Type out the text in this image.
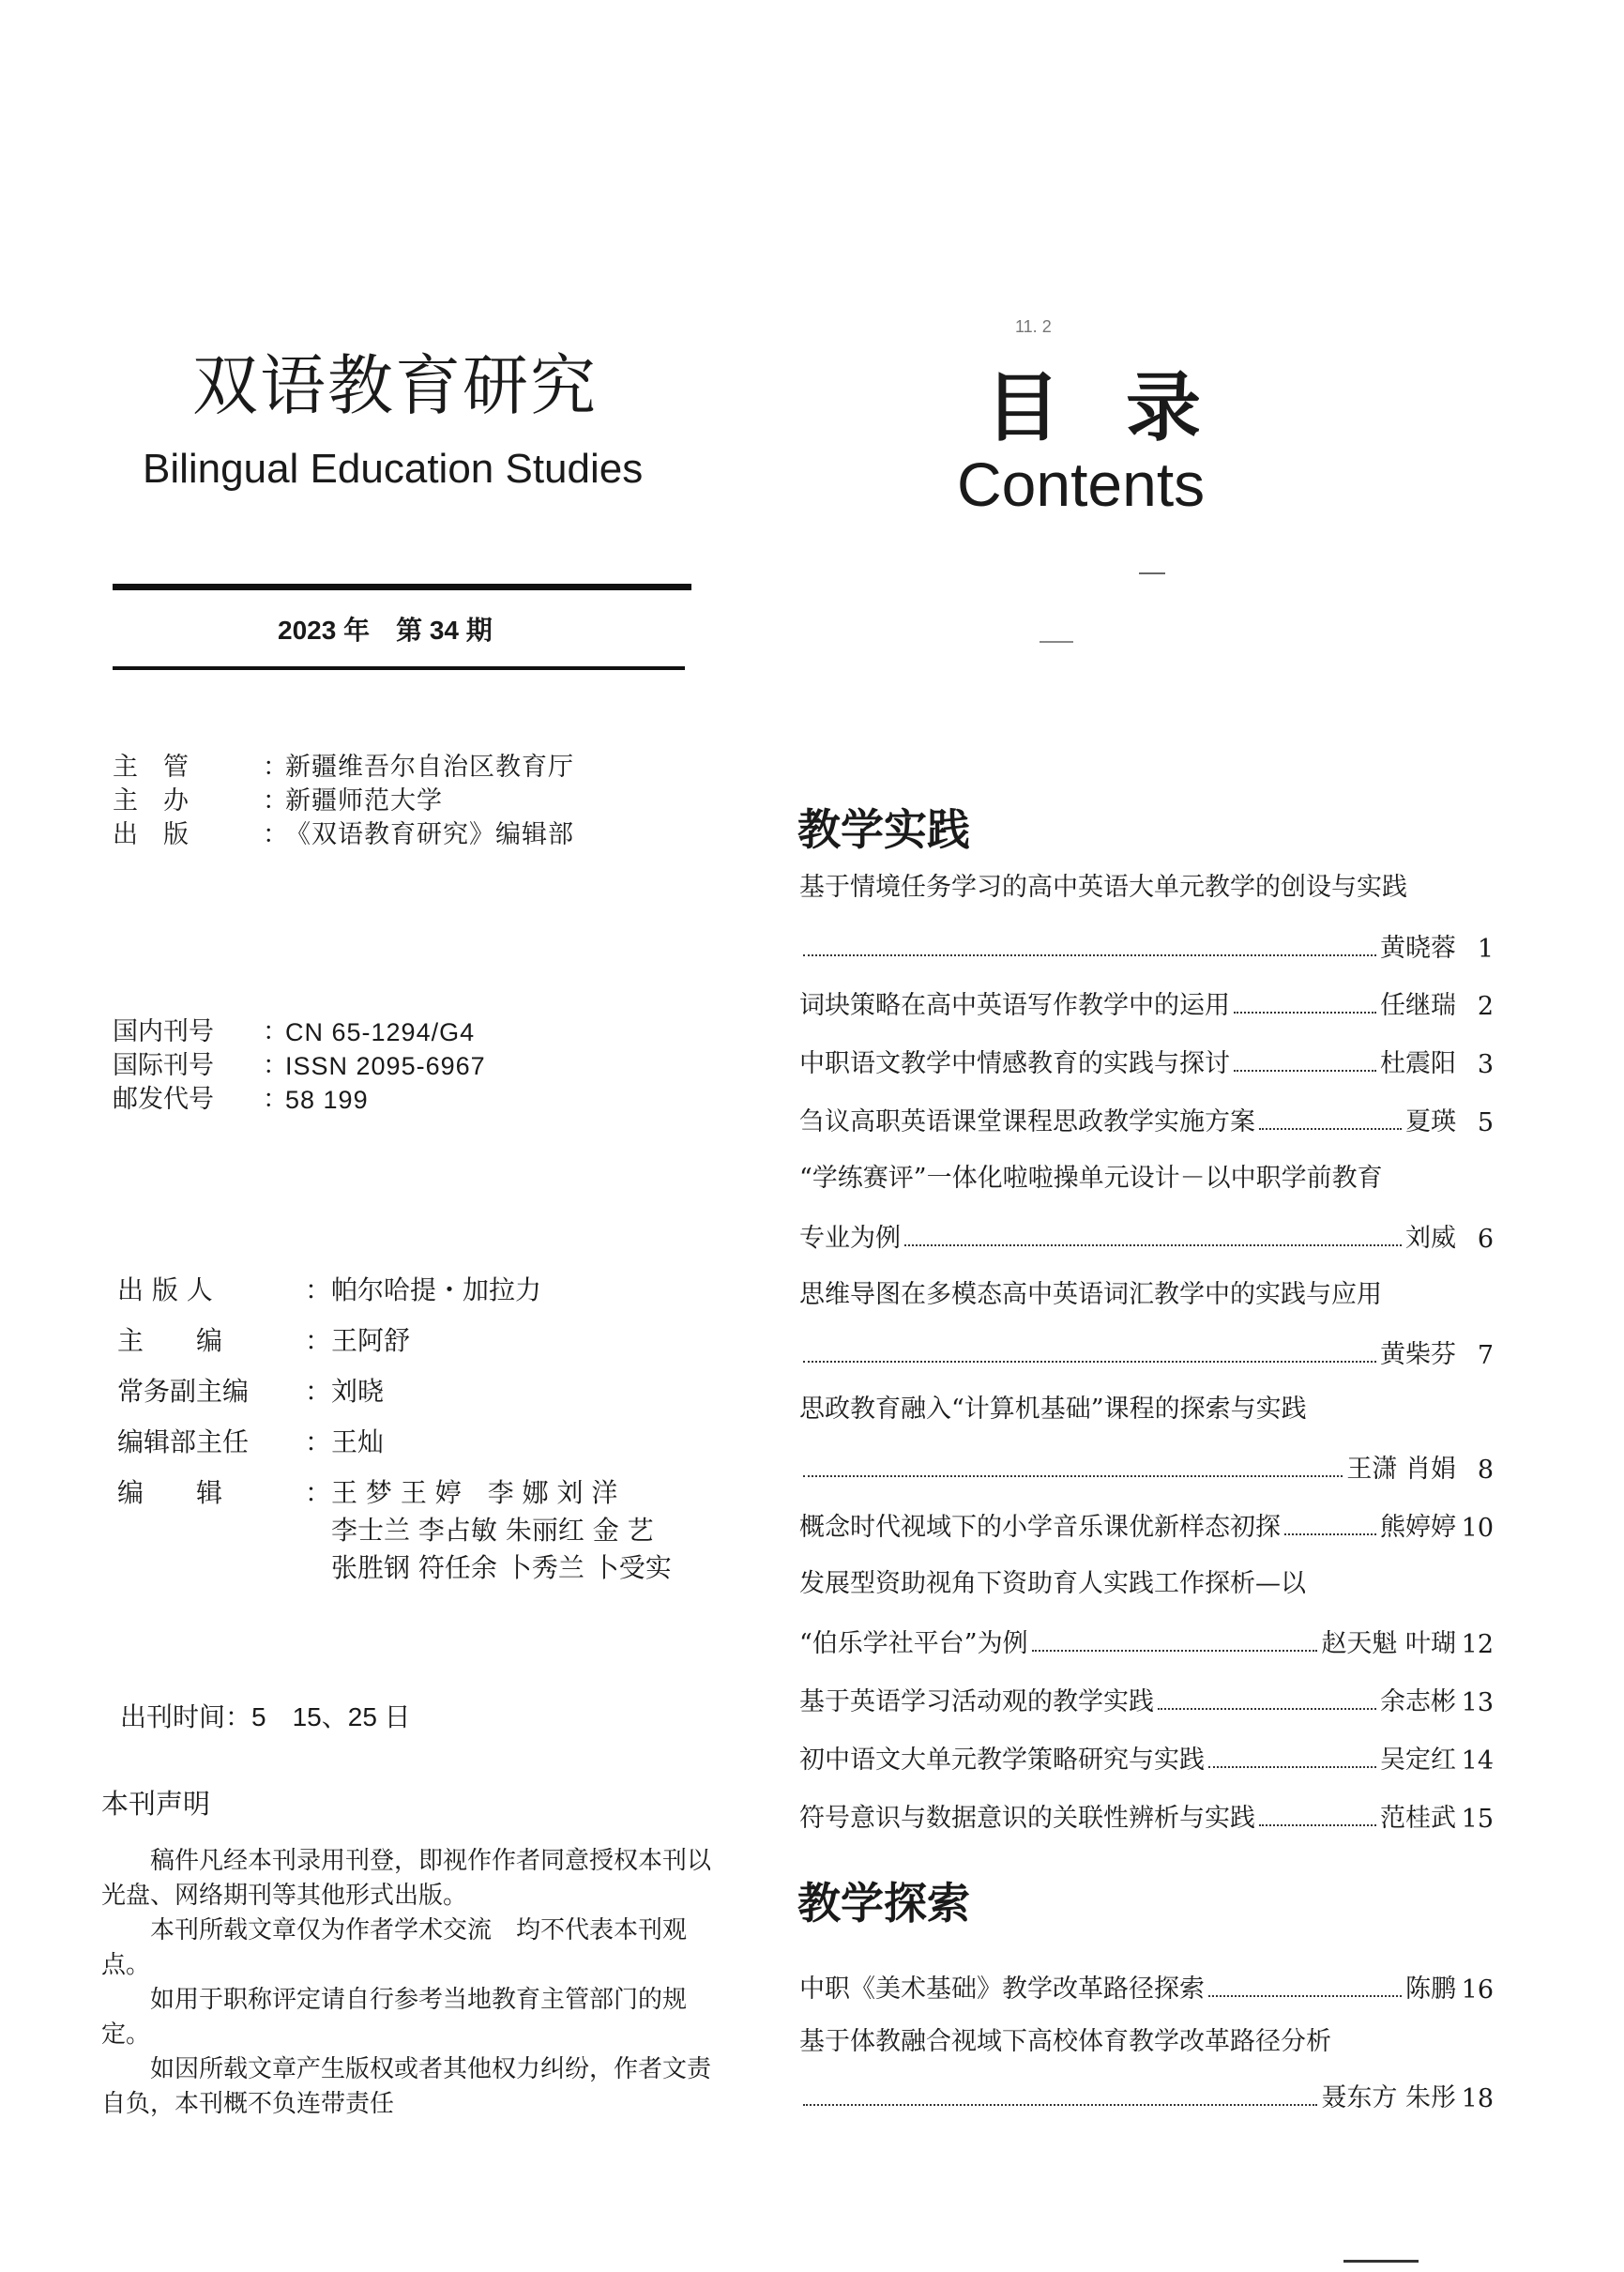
双语教育研究
Bilingual Education Studies
2023 年　第 34 期
主　管	：
新疆维吾尔自治区教育厅
主　办	：
新疆师范大学
出　版	：
《双语教育研究》编辑部
国内刊号	：
CN 65-1294/G4
国际刊号	：
ISSN 2095-6967
邮发代号	：
58 199
出 版 人	： 帕尔哈提・加拉力
主　　编	： 王阿舒
常务副主编	： 刘晓
编辑部主任	： 王灿
编　　辑	： 王 梦 王 婷　李 娜 刘 洋
李士兰 李占敏 朱丽红 金 艺
张胜钢 符任余 卜秀兰 卜受实
出刊时间 ： 5　15、25 日
本刊声明

稿件凡经本刊录用刊登，即视作作者同意授权本刊以光盘、网络期刊等其他形式出版。

本刊所载文章仅为作者学术交流　均不代表本刊观点。

如用于职称评定请自行参考当地教育主管部门的规定。

如因所载文章产生版权或者其他权力纠纷，作者文责自负，本刊概不负连带责任

11. 2
目录
Contents
教学实践
基于情境任务学习的高中英语大单元教学的创设与实践
黄晓蓉 1
词块策略在高中英语写作教学中的运用	任继瑞 2
中职语文教学中情感教育的实践与探讨	杜震阳 3
刍议高职英语课堂课程思政教学实施方案	夏瑛 5
“学练赛评”一体化啦啦操单元设计－以中职学前教育
专业为例	刘威 6
思维导图在多模态高中英语词汇教学中的实践与应用
黄柴芬 7
思政教育融入“计算机基础”课程的探索与实践
王潇 肖娟 8
概念时代视域下的小学音乐课优新样态初探	熊婷婷 10
发展型资助视角下资助育人实践工作探析—以
“伯乐学社平台”为例	赵天魁 叶瑚 12
基于英语学习活动观的教学实践	余志彬 13
初中语文大单元教学策略研究与实践	吴定红 14
符号意识与数据意识的关联性辨析与实践	范桂武 15
教学探索
中职《美术基础》教学改革路径探索	陈鹏 16
基于体教融合视域下高校体育教学改革路径分析
聂东方 朱彤 18
